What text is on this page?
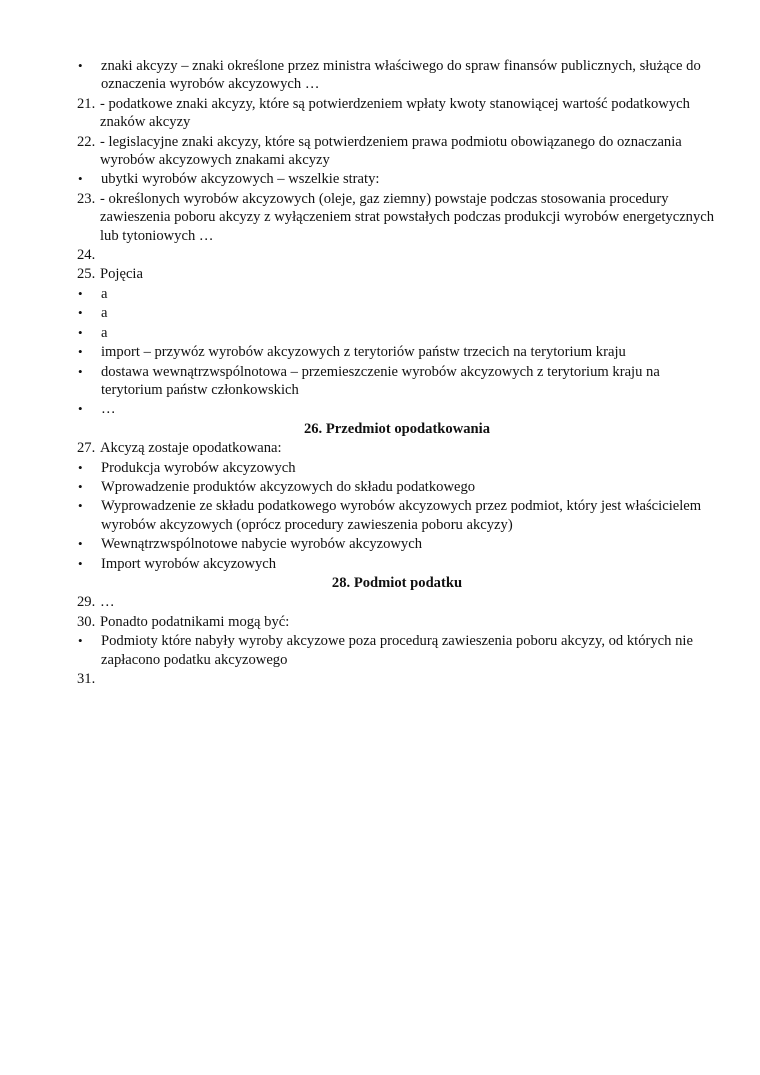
•	znaki akcyzy – znaki określone przez ministra właściwego do spraw finansów publicznych, służące do oznaczenia wyrobów akcyzowych …
21. - podatkowe znaki akcyzy, które są potwierdzeniem wpłaty kwoty stanowiącej wartość podatkowych znaków akcyzy
22. - legislacyjne znaki akcyzy, które są potwierdzeniem prawa podmiotu obowiązanego do oznaczania wyrobów akcyzowych znakami akcyzy
•	ubytki wyrobów akcyzowych – wszelkie straty:
23. - określonych wyrobów akcyzowych (oleje, gaz ziemny) powstaje podczas stosowania procedury zawieszenia poboru akcyzy z wyłączeniem strat powstałych podczas produkcji wyrobów energetycznych lub tytoniowych …
24.
25. Pojęcia
•	a
•	a
•	a
•	import – przywóz wyrobów akcyzowych z terytoriów państw trzecich na terytorium kraju
•	dostawa wewnątrzwspólnotowa – przemieszczenie wyrobów akcyzowych z terytorium kraju na terytorium państw członkowskich
•	…
26. Przedmiot opodatkowania
27. Akcyzą zostaje opodatkowana:
•	Produkcja wyrobów akcyzowych
•	Wprowadzenie produktów akcyzowych do składu podatkowego
•	Wyprowadzenie ze składu podatkowego wyrobów akcyzowych przez podmiot, który jest właścicielem wyrobów akcyzowych (oprócz procedury zawieszenia poboru akcyzy)
•	Wewnątrzwspólnotowe nabycie wyrobów akcyzowych
•	Import wyrobów akcyzowych
28. Podmiot podatku
29. …
30. Ponadto podatnikami mogą być:
•	Podmioty które nabyły wyroby akcyzowe poza procedurą zawieszenia poboru akcyzy, od których nie zapłacono podatku akcyzowego
31.
